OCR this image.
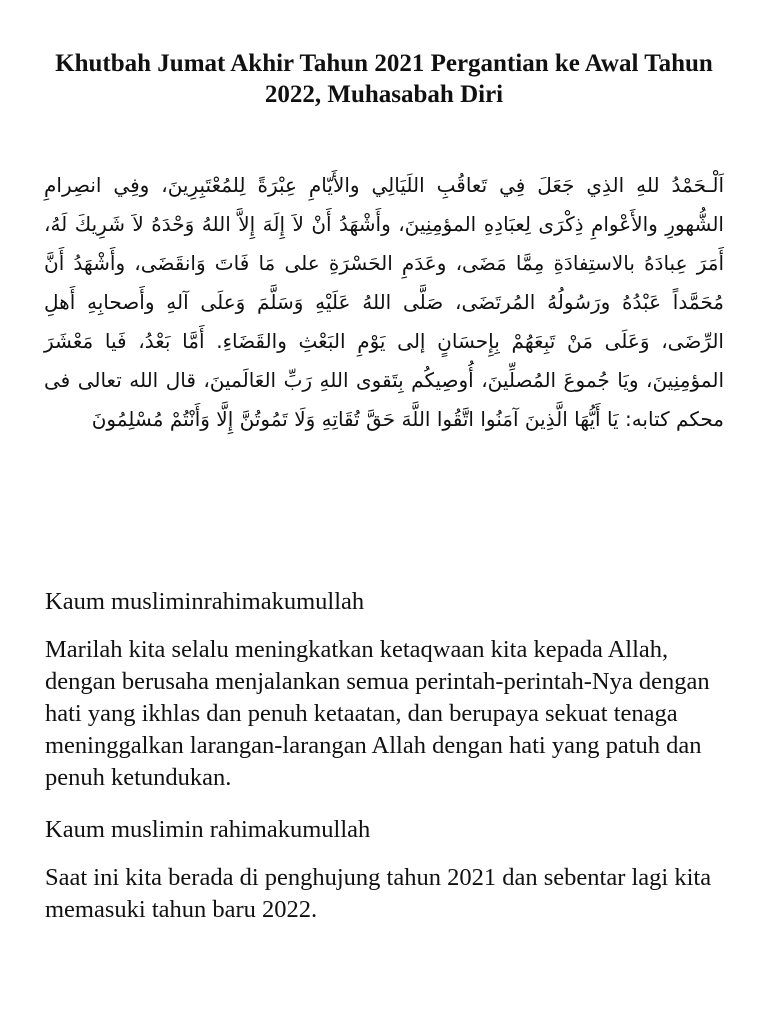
Khutbah Jumat Akhir Tahun 2021 Pergantian ke Awal Tahun 2022, Muhasabah Diri

اَلْـحَمْدُ للهِ الذِي جَعَلَ فِي تَعاقُبِ اللَيَالِي والأَيّامِ عِبْرَةً لِلمُعْتَبِرِينَ، وفِي انصِرامِ الشُّهورِ والأَعْوامِ ذِكْرَى لِعبَادِهِ المؤمِنِينَ، وأَشْهَدُ أَنْ لاَ إِلَهَ إِلاَّ اللهُ وَحْدَهُ لاَ شَرِيكَ لَهُ، أَمَرَ عِبادَهُ بالاستِفادَةِ مِمَّا مَضَى، وعَدَمِ الحَسْرَةِ على مَا فَاتَ وَانقَضَى، وأَشْهَدُ أَنَّ مُحَمَّداً عَبْدُهُ ورَسُولُهُ المُرتَضَى، صَلَّى اللهُ عَلَيْهِ وَسَلَّمَ وَعلَى آلهِ وأَصحابِهِ أَهلِ الرِّضَى، وَعَلَى مَنْ تَبِعَهُمْ بِإِحسَانٍ إلى يَوْمِ البَعْثِ والقَضَاءِ. أَمَّا بَعْدُ، فَيا مَعْشَرَ المؤمِنِينَ، ويَا جُموعَ المُصلِّينَ، أُوصِيكُم بِتَقوى اللهِ رَبِّ العَالَمينَ، قال الله تعالى فى محكم كتابه: يَا أَيُّهَا الَّذِينَ آمَنُوا اتَّقُوا اللَّهَ حَقَّ تُقَاتِهِ وَلَا تَمُوتُنَّ إِلَّا وَأَنْتُمْ مُسْلِمُونَ

Kaum musliminrahimakumullah

Marilah kita selalu meningkatkan ketaqwaan kita kepada Allah, dengan berusaha menjalankan semua perintah-perintah-Nya dengan hati yang ikhlas dan penuh ketaatan, dan berupaya sekuat tenaga meninggalkan larangan-larangan Allah dengan hati yang patuh dan penuh ketundukan.

Kaum muslimin rahimakumullah

Saat ini kita berada di penghujung tahun 2021 dan sebentar lagi kita memasuki tahun baru 2022.
